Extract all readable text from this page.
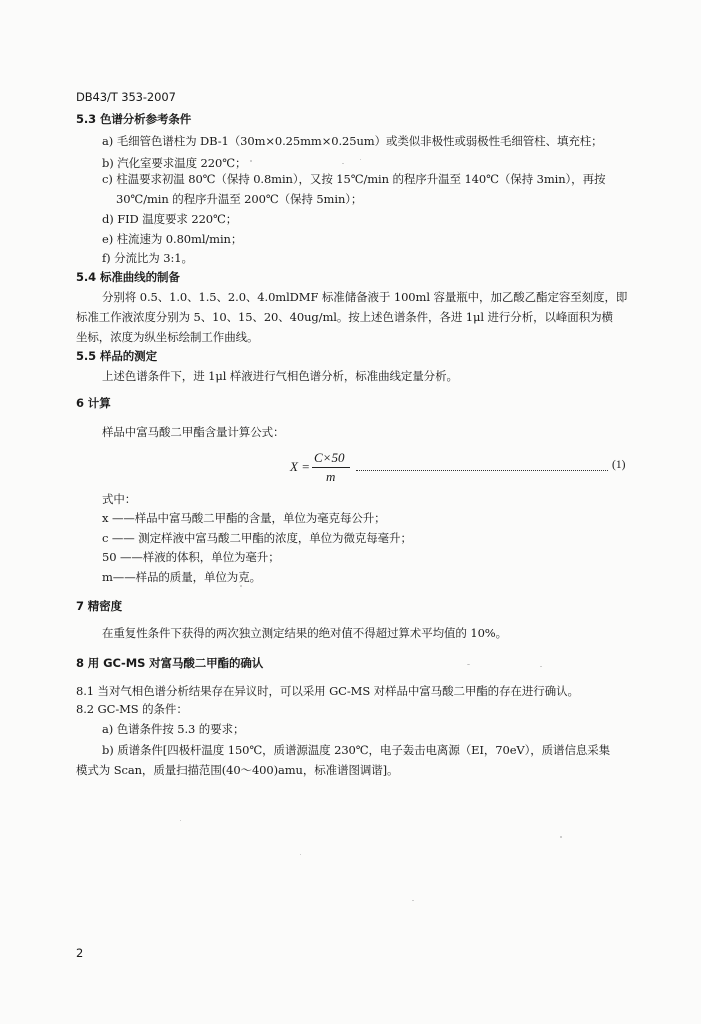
DB43/T 353-2007
5.3 色谱分析参考条件
a) 毛细管色谱柱为 DB-1（30m×0.25mm×0.25um）或类似非极性或弱极性毛细管柱、填充柱；
b) 汽化室要求温度 220℃；
c) 柱温要求初温 80℃（保持 0.8min），又按 15℃/min 的程序升温至 140℃（保持 3min），再按
30℃/min 的程序升温至 200℃（保持 5min）；
d) FID 温度要求 220℃；
e) 柱流速为 0.80ml/min；
f) 分流比为 3:1。
5.4 标准曲线的制备
分别将 0.5、1.0、1.5、2.0、4.0mlDMF 标准储备液于 100ml 容量瓶中，加乙酸乙酯定容至刻度，即
标准工作液浓度分别为 5、10、15、20、40ug/ml。按上述色谱条件，各进 1μl 进行分析，以峰面积为横
坐标，浓度为纵坐标绘制工作曲线。
5.5 样品的测定
上述色谱条件下，进 1μl 样液进行气相色谱分析，标准曲线定量分析。
6 计算
样品中富马酸二甲酯含量计算公式：
X =
C×50
m
(1)
式中：
x ——样品中富马酸二甲酯的含量，单位为毫克每公升；
c —— 测定样液中富马酸二甲酯的浓度，单位为微克每毫升；
50 ——样液的体积，单位为毫升；
m——样品的质量，单位为克。
7 精密度
在重复性条件下获得的两次独立测定结果的绝对值不得超过算术平均值的 10%。
8 用 GC-MS 对富马酸二甲酯的确认
8.1 当对气相色谱分析结果存在异议时，可以采用 GC-MS 对样品中富马酸二甲酯的存在进行确认。
8.2 GC-MS 的条件：
a) 色谱条件按 5.3 的要求；
b) 质谱条件[四极杆温度 150℃，质谱源温度 230℃，电子轰击电离源（EI，70eV），质谱信息采集
模式为 Scan，质量扫描范围(40～400)amu，标准谱图调谐]。
2
